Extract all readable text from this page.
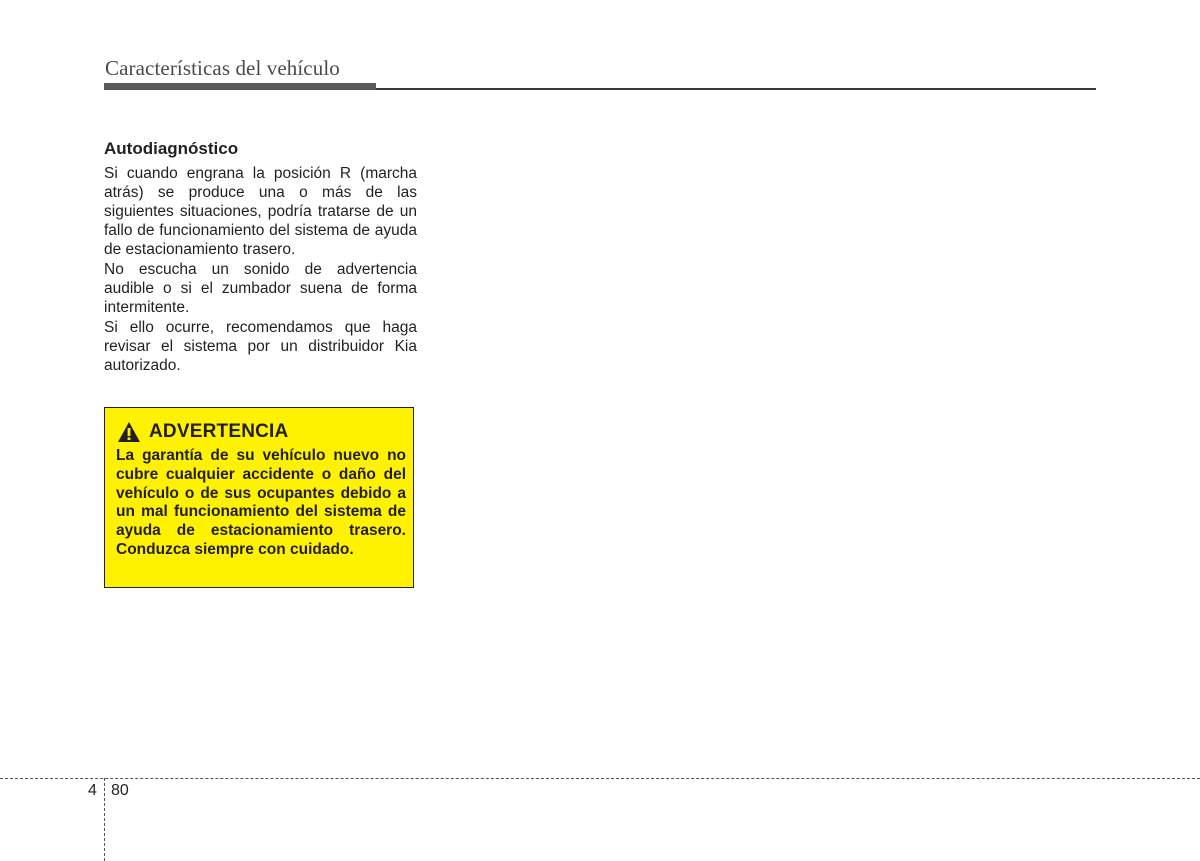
Características del vehículo
Autodiagnóstico

Si cuando engrana la posición R (marcha atrás) se produce una o más de las siguientes situaciones, podría tratarse de un fallo de funcionamiento del sistema de ayuda de estacionamiento trasero.

No escucha un sonido de advertencia audible o si el zumbador suena de forma intermitente.

Si ello ocurre, recomendamos que haga revisar el sistema por un distribuidor Kia autorizado.

ADVERTENCIA
La garantía de su vehículo nuevo no cubre cualquier accidente o daño del vehículo o de sus ocupantes debido a un mal funcionamiento del sistema de ayuda de estacionamiento trasero. Conduzca siempre con cuidado.
4 80
